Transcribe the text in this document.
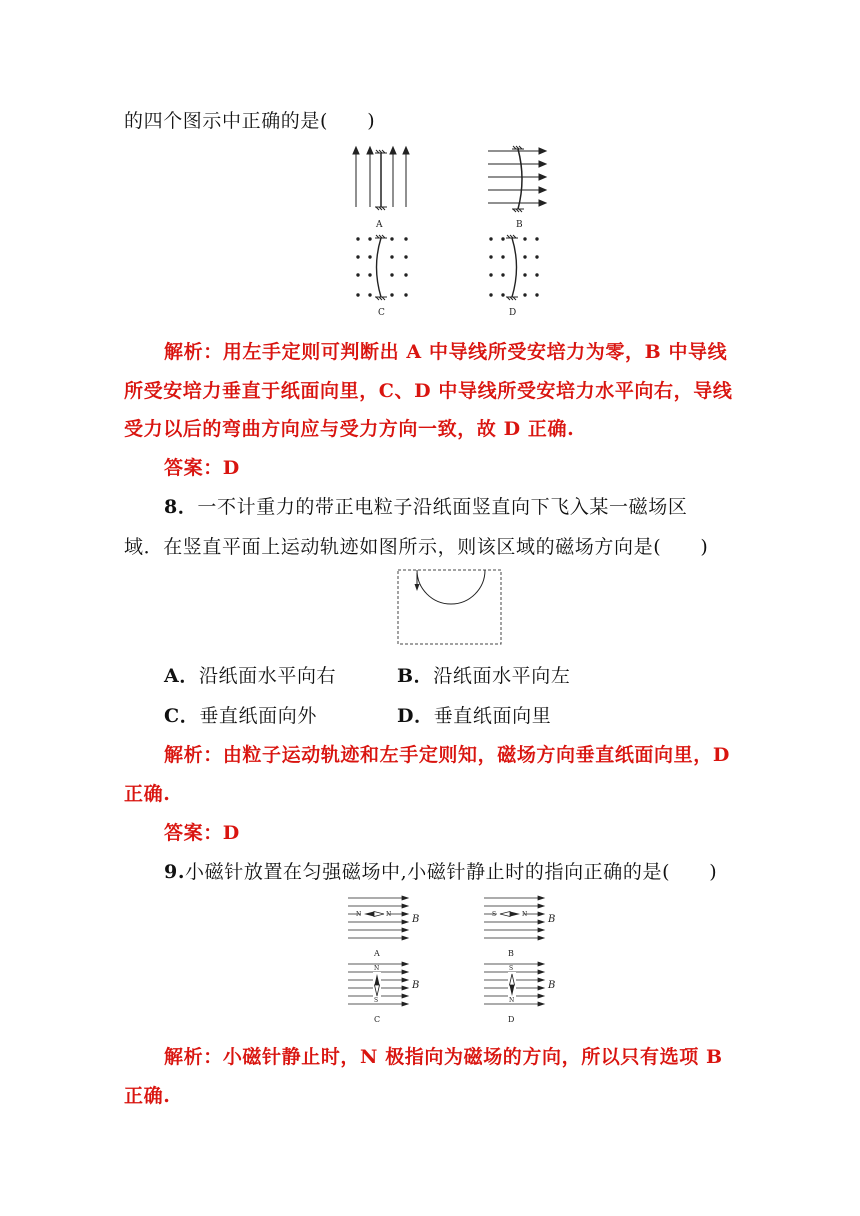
的四个图示中正确的是(　　)
A	B
C	D
解析：用左手定则可判断出 A 中导线所受安培力为零，B 中导线
所受安培力垂直于纸面向里，C、D 中导线所受安培力水平向右，导线
受力以后的弯曲方向应与受力方向一致，故 D 正确.
答案：D
8．一不计重力的带正电粒子沿纸面竖直向下飞入某一磁场区
域．在竖直平面上运动轨迹如图所示，则该区域的磁场方向是(　　)
A．沿纸面水平向右	B．沿纸面水平向左
C．垂直纸面向外	D．垂直纸面向里
解析：由粒子运动轨迹和左手定则知，磁场方向垂直纸面向里，D
正确.
答案：D
9.小磁针放置在匀强磁场中,小磁针静止时的指向正确的是(　　)
N	N B
A
S	N B
B
N
S
B
C
S
N
B
D
解析：小磁针静止时，N 极指向为磁场的方向，所以只有选项 B
正确.
